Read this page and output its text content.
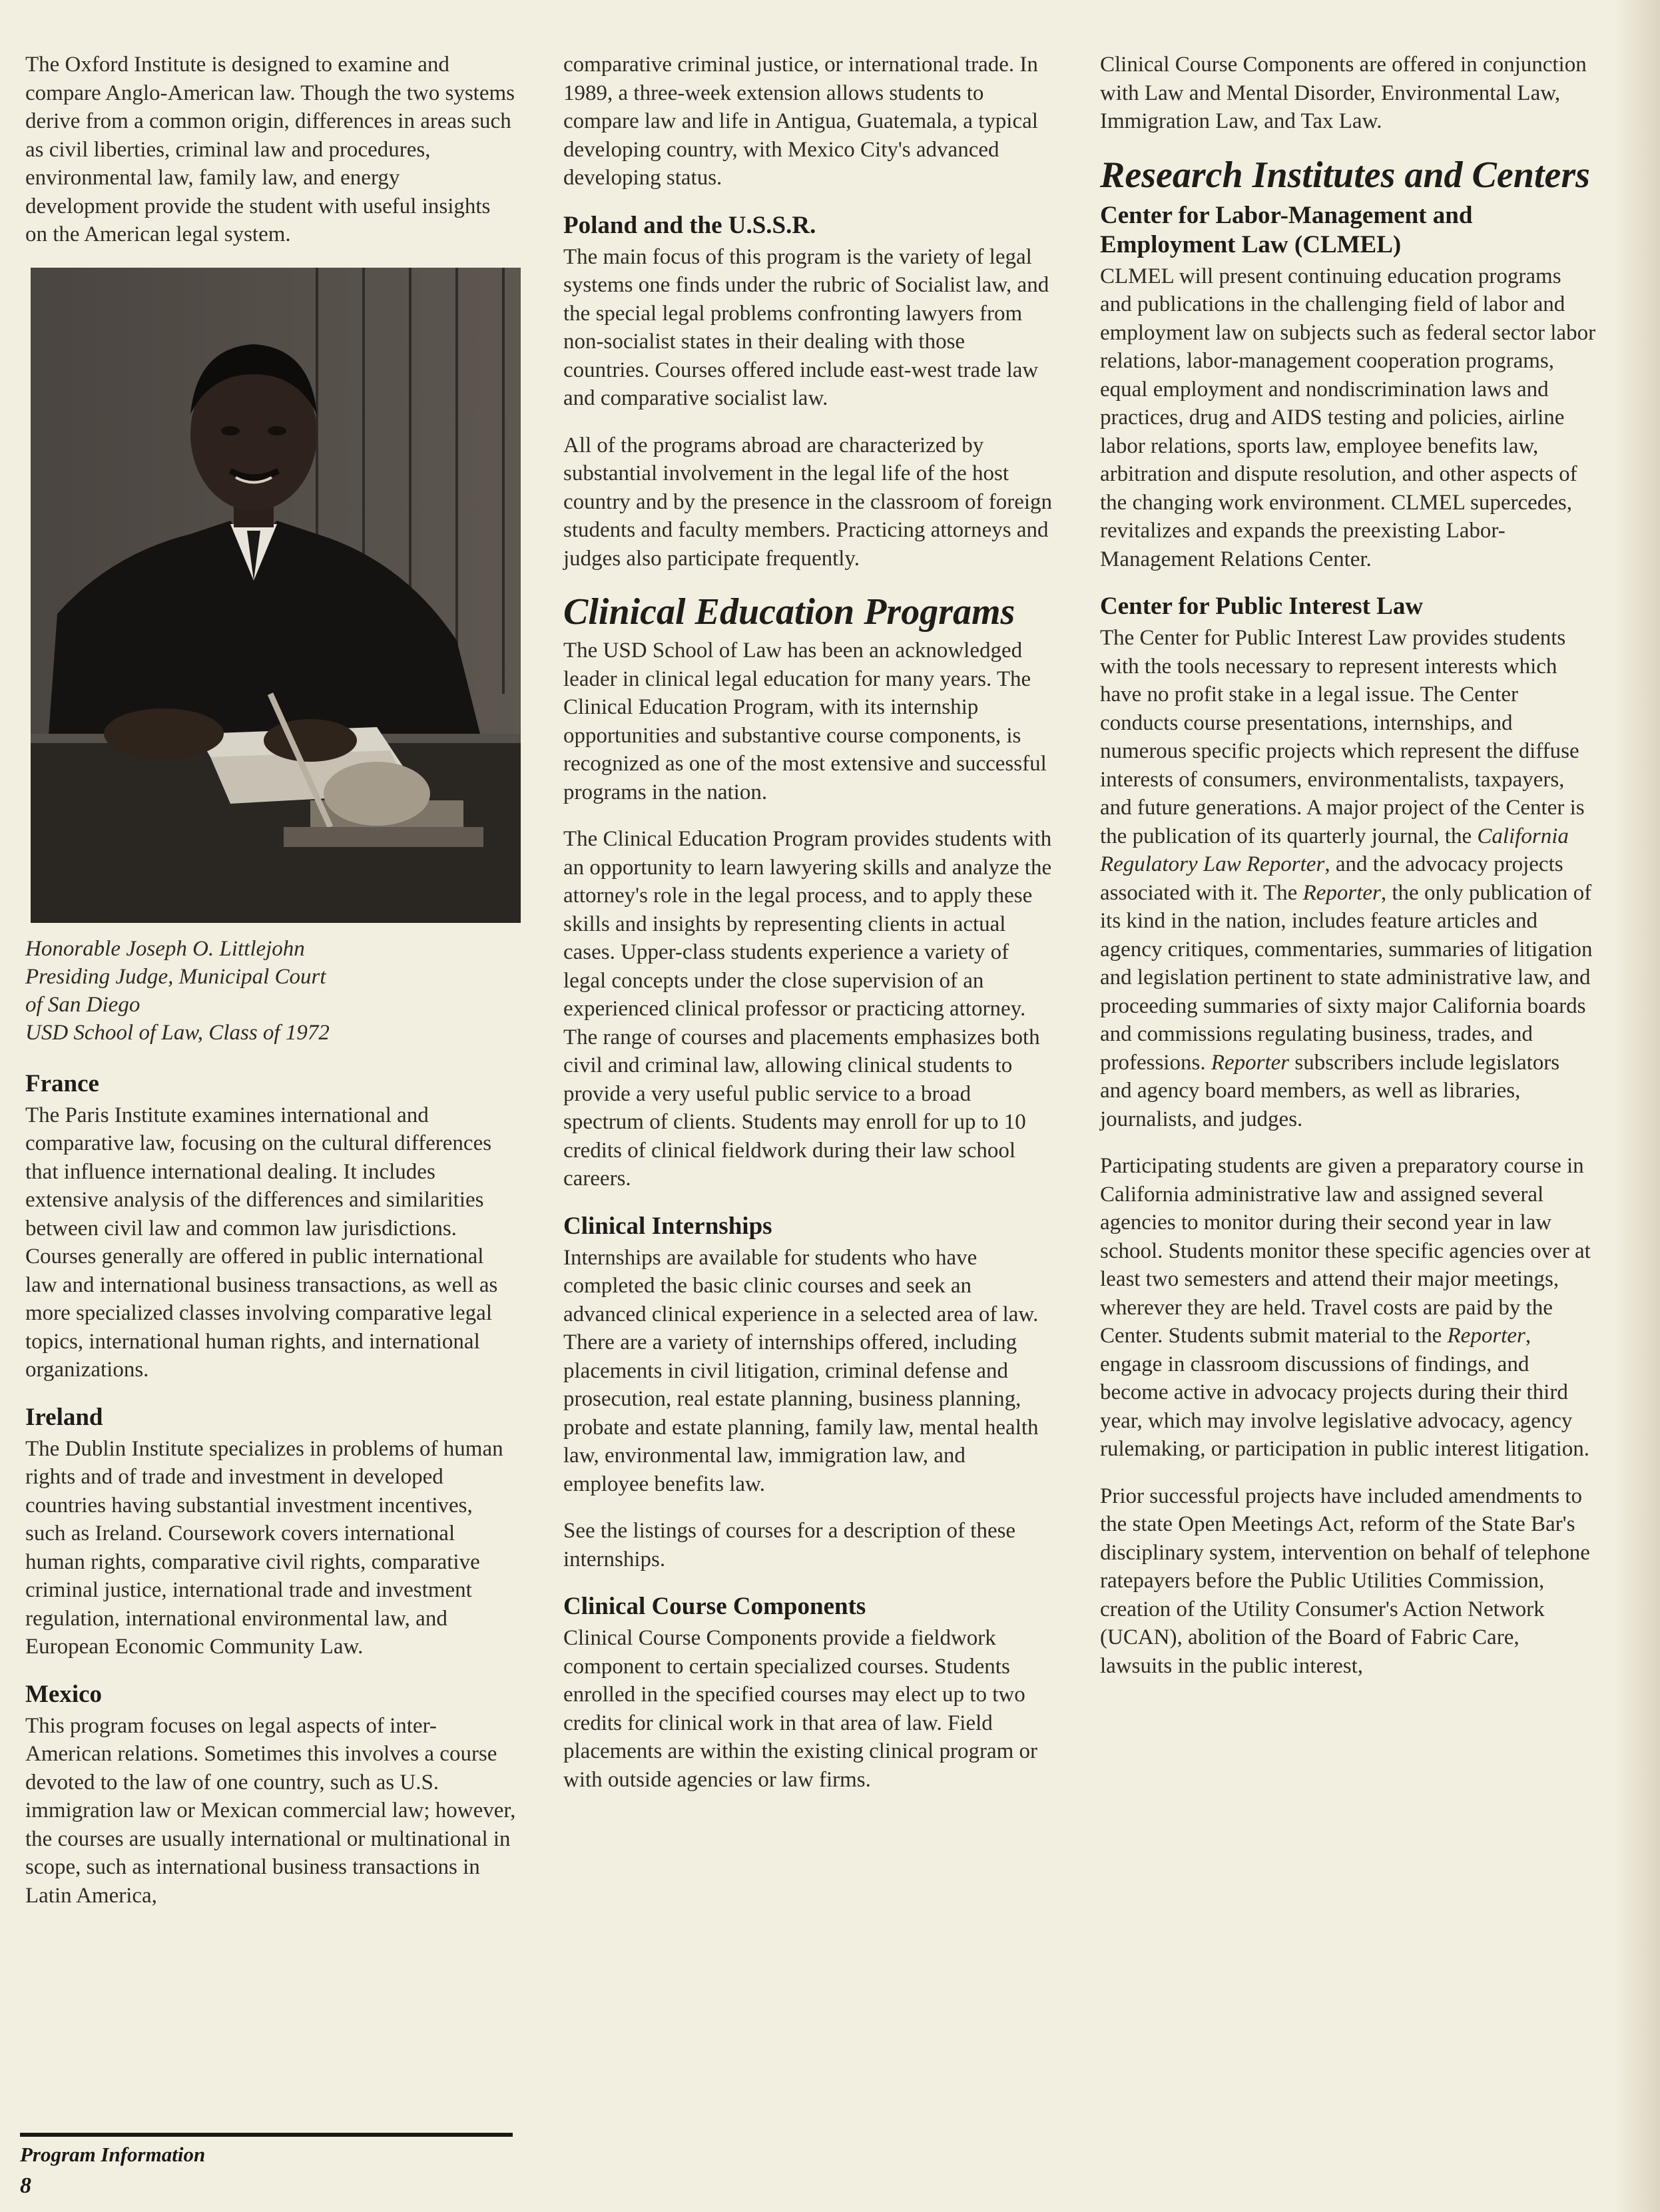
The Oxford Institute is designed to examine and compare Anglo-American law. Though the two systems derive from a common origin, differences in areas such as civil liberties, criminal law and procedures, environmental law, family law, and energy development provide the student with useful insights on the American legal system.

Honorable Joseph O. Littlejohn

Presiding Judge, Municipal Court

of San Diego

USD School of Law, Class of 1972

France

The Paris Institute examines international and comparative law, focusing on the cultural differences that influence international dealing. It includes extensive analysis of the differences and similarities between civil law and common law jurisdictions. Courses generally are offered in public international law and international business transactions, as well as more specialized classes involving comparative legal topics, international human rights, and international organizations.

Ireland

The Dublin Institute specializes in problems of human rights and of trade and investment in developed countries having substantial investment incentives, such as Ireland. Coursework covers international human rights, comparative civil rights, comparative criminal justice, international trade and investment regulation, international environmental law, and European Economic Community Law.

Mexico

This program focuses on legal aspects of inter-American relations. Sometimes this involves a course devoted to the law of one country, such as U.S. immigration law or Mexican commercial law; however, the courses are usually international or multinational in scope, such as international business transactions in Latin America,

comparative criminal justice, or international trade. In 1989, a three-week extension allows students to compare law and life in Antigua, Guatemala, a typical developing country, with Mexico City's advanced developing status.

Poland and the U.S.S.R.

The main focus of this program is the variety of legal systems one finds under the rubric of Socialist law, and the special legal problems confronting lawyers from non-socialist states in their dealing with those countries. Courses offered include east-west trade law and comparative socialist law.

All of the programs abroad are characterized by substantial involvement in the legal life of the host country and by the presence in the classroom of foreign students and faculty members. Practicing attorneys and judges also participate frequently.

Clinical Education Programs

The USD School of Law has been an acknowledged leader in clinical legal education for many years. The Clinical Education Program, with its internship opportunities and substantive course components, is recognized as one of the most extensive and successful programs in the nation.

The Clinical Education Program provides students with an opportunity to learn lawyering skills and analyze the attorney's role in the legal process, and to apply these skills and insights by representing clients in actual cases. Upper-class students experience a variety of legal concepts under the close supervision of an experienced clinical professor or practicing attorney. The range of courses and placements emphasizes both civil and criminal law, allowing clinical students to provide a very useful public service to a broad spectrum of clients. Students may enroll for up to 10 credits of clinical fieldwork during their law school careers.

Clinical Internships

Internships are available for students who have completed the basic clinic courses and seek an advanced clinical experience in a selected area of law. There are a variety of internships offered, including placements in civil litigation, criminal defense and prosecution, real estate planning, business planning, probate and estate planning, family law, mental health law, environmental law, immigration law, and employee benefits law.

See the listings of courses for a description of these internships.

Clinical Course Components

Clinical Course Components provide a fieldwork component to certain specialized courses. Students enrolled in the specified courses may elect up to two credits for clinical work in that area of law. Field placements are within the existing clinical program or with outside agencies or law firms.

Clinical Course Components are offered in conjunction with Law and Mental Disorder, Environmental Law, Immigration Law, and Tax Law.

Research Institutes and Centers
Center for Labor-Management and Employment Law (CLMEL)

CLMEL will present continuing education programs and publications in the challenging field of labor and employment law on subjects such as federal sector labor relations, labor-management cooperation programs, equal employment and nondiscrimination laws and practices, drug and AIDS testing and policies, airline labor relations, sports law, employee benefits law, arbitration and dispute resolution, and other aspects of the changing work environment. CLMEL supercedes, revitalizes and expands the preexisting Labor-Management Relations Center.

Center for Public Interest Law

The Center for Public Interest Law provides students with the tools necessary to represent interests which have no profit stake in a legal issue. The Center conducts course presentations, internships, and numerous specific projects which represent the diffuse interests of consumers, environmentalists, taxpayers, and future generations. A major project of the Center is the publication of its quarterly journal, the California Regulatory Law Reporter, and the advocacy projects associated with it. The Reporter, the only publication of its kind in the nation, includes feature articles and agency critiques, commentaries, summaries of litigation and legislation pertinent to state administrative law, and proceeding summaries of sixty major California boards and commissions regulating business, trades, and professions. Reporter subscribers include legislators and agency board members, as well as libraries, journalists, and judges.

Participating students are given a preparatory course in California administrative law and assigned several agencies to monitor during their second year in law school. Students monitor these specific agencies over at least two semesters and attend their major meetings, wherever they are held. Travel costs are paid by the Center. Students submit material to the Reporter, engage in classroom discussions of findings, and become active in advocacy projects during their third year, which may involve legislative advocacy, agency rulemaking, or participation in public interest litigation.

Prior successful projects have included amendments to the state Open Meetings Act, reform of the State Bar's disciplinary system, intervention on behalf of telephone ratepayers before the Public Utilities Commission, creation of the Utility Consumer's Action Network (UCAN), abolition of the Board of Fabric Care, lawsuits in the public interest,

Program Information
8
